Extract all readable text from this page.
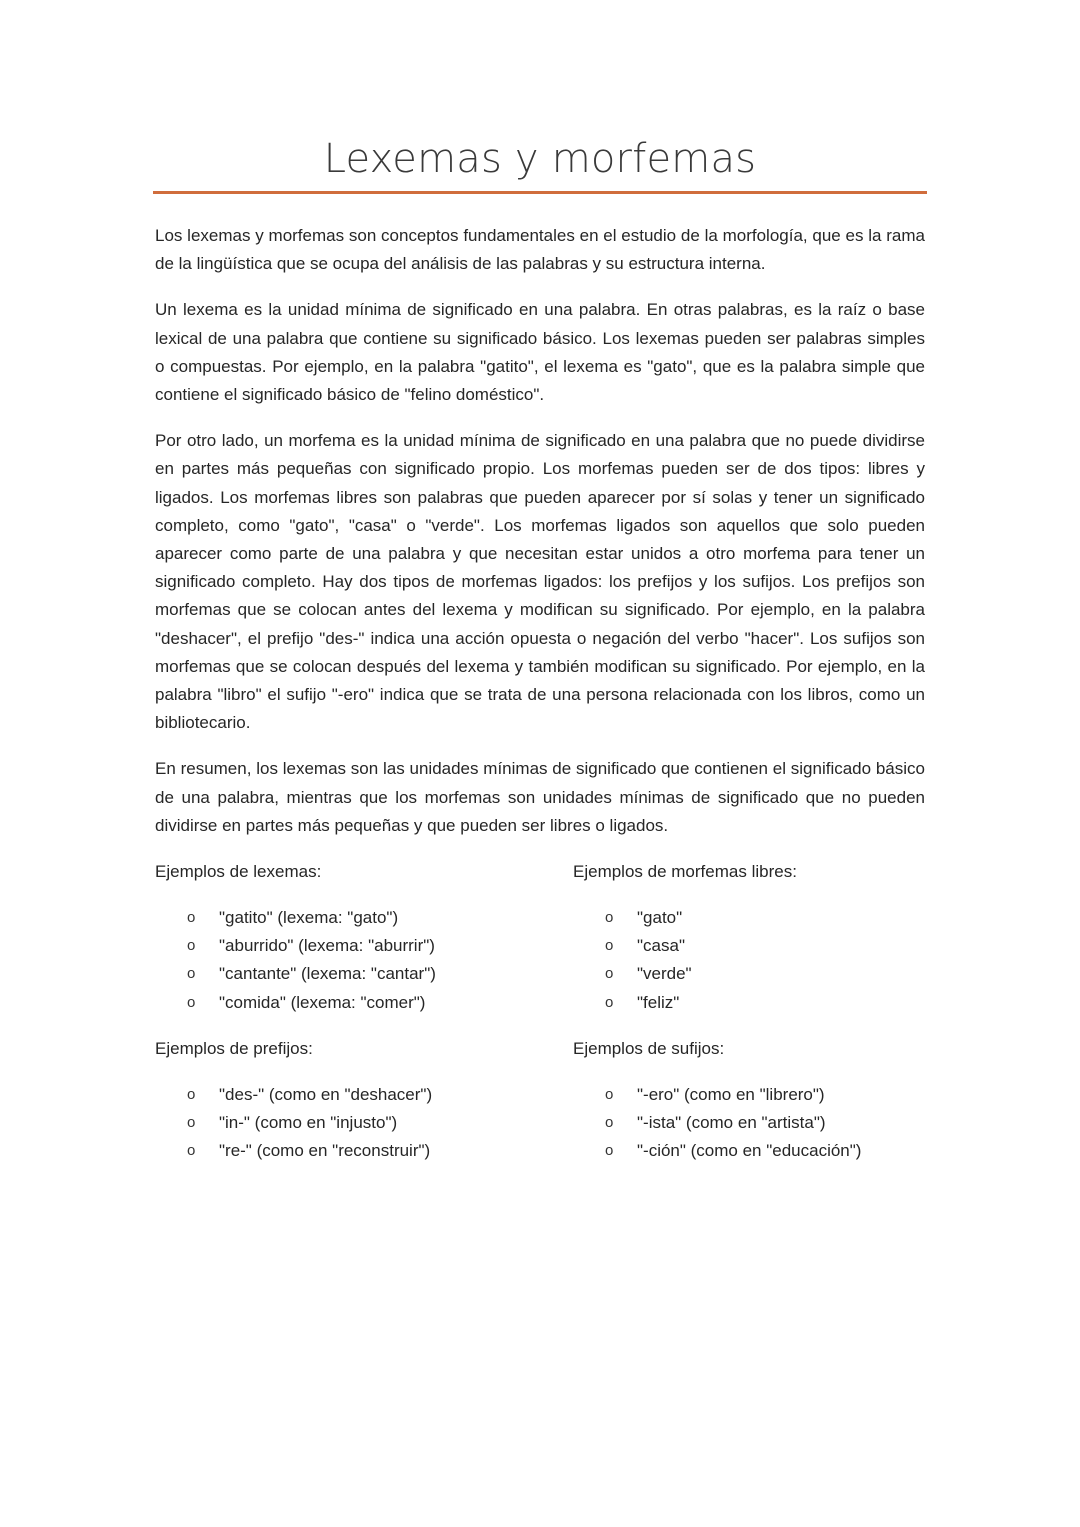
Lexemas y morfemas

Los lexemas y morfemas son conceptos fundamentales en el estudio de la morfología, que es la rama de la lingüística que se ocupa del análisis de las palabras y su estructura interna.

Un lexema es la unidad mínima de significado en una palabra. En otras palabras, es la raíz o base lexical de una palabra que contiene su significado básico. Los lexemas pueden ser palabras simples o compuestas. Por ejemplo, en la palabra "gatito", el lexema es "gato", que es la palabra simple que contiene el significado básico de "felino doméstico".

Por otro lado, un morfema es la unidad mínima de significado en una palabra que no puede dividirse en partes más pequeñas con significado propio. Los morfemas pueden ser de dos tipos: libres y ligados. Los morfemas libres son palabras que pueden aparecer por sí solas y tener un significado completo, como "gato", "casa" o "verde". Los morfemas ligados son aquellos que solo pueden aparecer como parte de una palabra y que necesitan estar unidos a otro morfema para tener un significado completo. Hay dos tipos de morfemas ligados: los prefijos y los sufijos. Los prefijos son morfemas que se colocan antes del lexema y modifican su significado. Por ejemplo, en la palabra "deshacer", el prefijo "des-" indica una acción opuesta o negación del verbo "hacer". Los sufijos son morfemas que se colocan después del lexema y también modifican su significado. Por ejemplo, en la palabra "libro" el sufijo "-ero" indica que se trata de una persona relacionada con los libros, como un bibliotecario.

En resumen, los lexemas son las unidades mínimas de significado que contienen el significado básico de una palabra, mientras que los morfemas son unidades mínimas de significado que no pueden dividirse en partes más pequeñas y que pueden ser libres o ligados.

Ejemplos de lexemas:
o "gatito" (lexema: "gato")
o "aburrido" (lexema: "aburrir")
o "cantante" (lexema: "cantar")
o "comida" (lexema: "comer")
Ejemplos de prefijos:
o "des-" (como en "deshacer")
o "in-" (como en "injusto")
o "re-" (como en "reconstruir")
Ejemplos de morfemas libres:
o "gato"
o "casa"
o "verde"
o "feliz"
Ejemplos de sufijos:
o "-ero" (como en "librero")
o "-ista" (como en "artista")
o "-ción" (como en "educación")
